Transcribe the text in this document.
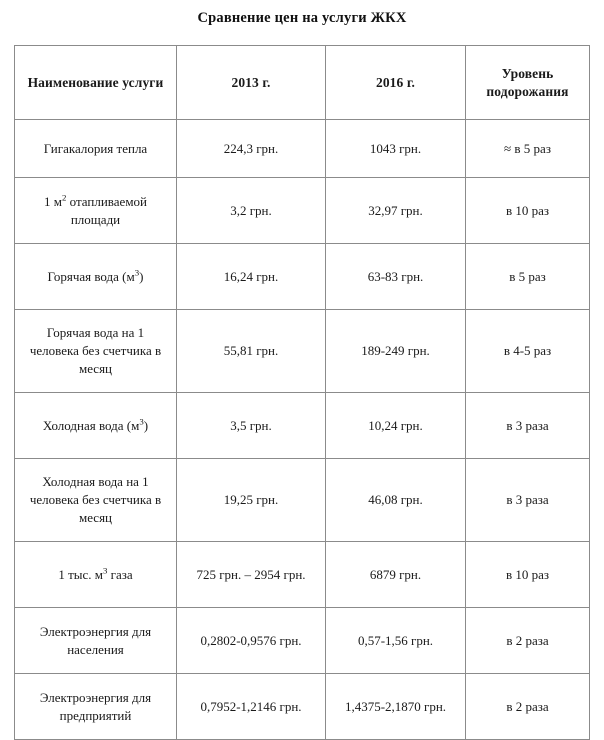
Сравнение цен на услуги ЖКХ
Наименование услуги	2013 г.	2016 г.	Уровень подорожания
Гигакалория тепла	224,3 грн.	1043 грн.	≈ в 5 раз
1 $м^2$ отапливаемой площади	3,2 грн.	32,97 грн.	в 10 раз
Горячая вода $(м^3)$	16,24 грн.	63-83 грн.	в 5 раз
Горячая вода на 1 человека без счетчика в месяц	55,81 грн.	189-249 грн.	в 4-5 раз
Холодная вода $(м^3)$	3,5 грн.	10,24 грн.	в 3 раза
Холодная вода на 1 человека без счетчика в месяц	19,25 грн.	46,08 грн.	в 3 раза
1 тыс. $м^3$ газа	725 грн. – 2954 грн.	6879 грн.	в 10 раз
Электроэнергия для населения	0,2802-0,9576 грн.	0,57-1,56 грн.	в 2 раза
Электроэнергия для предприятий	0,7952-1,2146 грн.	1,4375-2,1870 грн.	в 2 раза
